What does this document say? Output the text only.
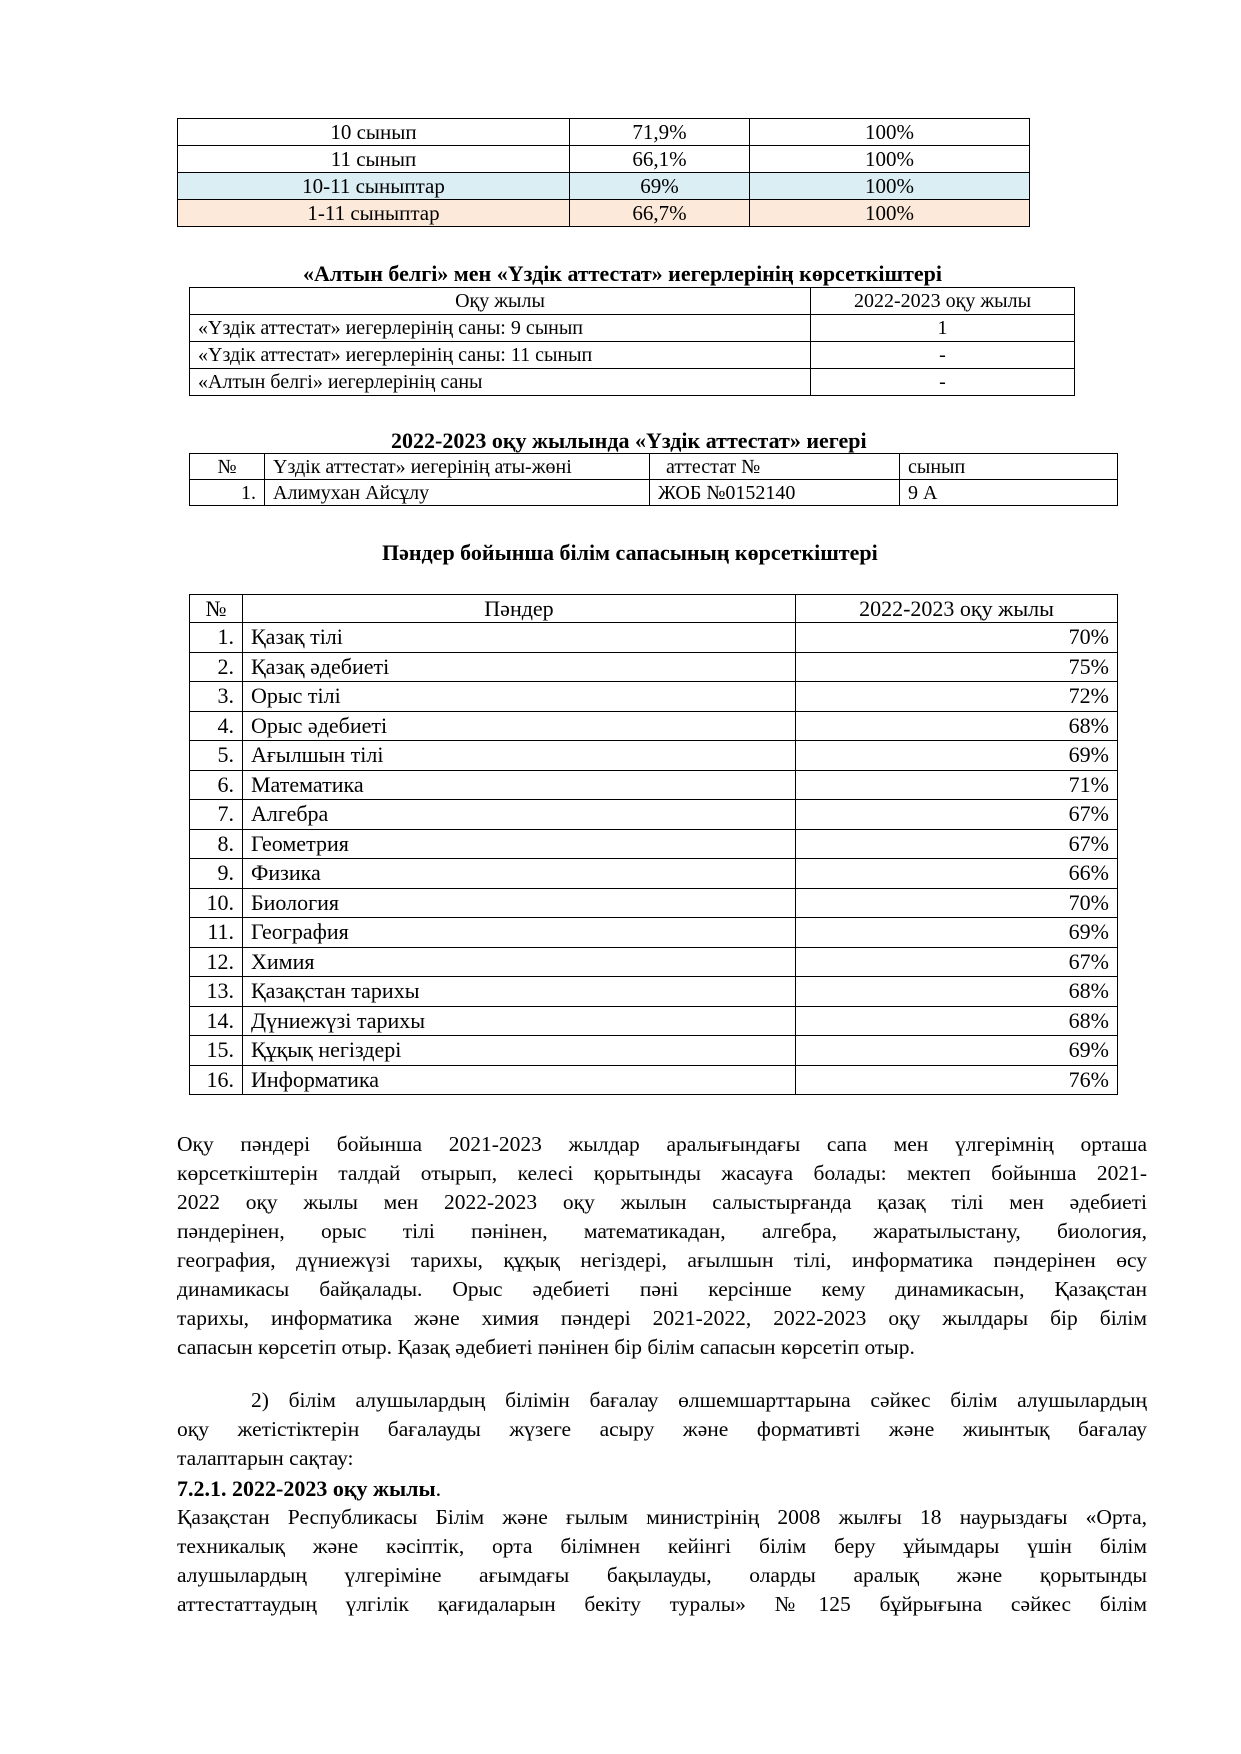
10 сынып	71,9%	100%
11 сынып	66,1%	100%
10-11 сыныптар	69%	100%
1-11 сыныптар	66,7%	100%
«Алтын белгі» мен «Үздік аттестат» иегерлерінің көрсеткіштері
Оқу жылы	2022-2023 оқу жылы
«Үздік аттестат» иегерлерінің саны: 9 сынып	1
«Үздік аттестат» иегерлерінің саны: 11 сынып	-
«Алтын белгі» иегерлерінің саны	-
2022-2023 оқу жылында «Үздік аттестат» иегері
№	Үздік аттестат» иегерінің аты-жөні	аттестат №	сынып
1.	Алимухан Айсұлу	ЖОБ №0152140	9 А
Пәндер бойынша білім сапасының көрсеткіштері
№	Пәндер	2022-2023 оқу жылы
1.	Қазақ тілі	70%
2.	Қазақ әдебиеті	75%
3.	Орыс тілі	72%
4.	Орыс әдебиеті	68%
5.	Ағылшын тілі	69%
6.	Математика	71%
7.	Алгебра	67%
8.	Геометрия	67%
9.	Физика	66%
10.	Биология	70%
11.	География	69%
12.	Химия	67%
13.	Қазақстан тарихы	68%
14.	Дүниежүзі тарихы	68%
15.	Құқық негіздері	69%
16.	Информатика	76%
Оқу пәндері бойынша 2021-2023 жылдар аралығындағы сапа мен үлгерімнің орташа
көрсеткіштерін талдай отырып, келесі қорытынды жасауға болады: мектеп бойынша 2021-
2022 оқу жылы мен 2022-2023 оқу жылын салыстырғанда қазақ тілі мен әдебиеті
пәндерінен, орыс тілі пәнінен, математикадан, алгебра, жаратылыстану, биология,
география, дүниежүзі тарихы, құқық негіздері, ағылшын тілі, информатика пәндерінен өсу
динамикасы байқалады. Орыс әдебиеті пәні керсінше кему динамикасын, Қазақстан
тарихы, информатика және химия пәндері 2021-2022, 2022-2023 оқу жылдары бір білім
сапасын көрсетіп отыр. Қазақ әдебиеті пәнінен бір білім сапасын көрсетіп отыр.
2) білім алушылардың білімін бағалау өлшемшарттарына сәйкес білім алушылардың
оқу жетістіктерін бағалауды жүзеге асыру және формативті және жиынтық бағалау
талаптарын сақтау:
7.2.1. 2022-2023 оқу жылы.
Қазақстан Республикасы Білім және ғылым министрінің 2008 жылғы 18 наурыздағы «Орта,
техникалық және кәсіптік, орта білімнен кейінгі білім беру ұйымдары үшін білім
алушылардың үлгеріміне ағымдағы бақылауды, оларды аралық және қорытынды
аттестаттаудың үлгілік қағидаларын бекіту туралы» №125 бұйрығына сәйкес білім
